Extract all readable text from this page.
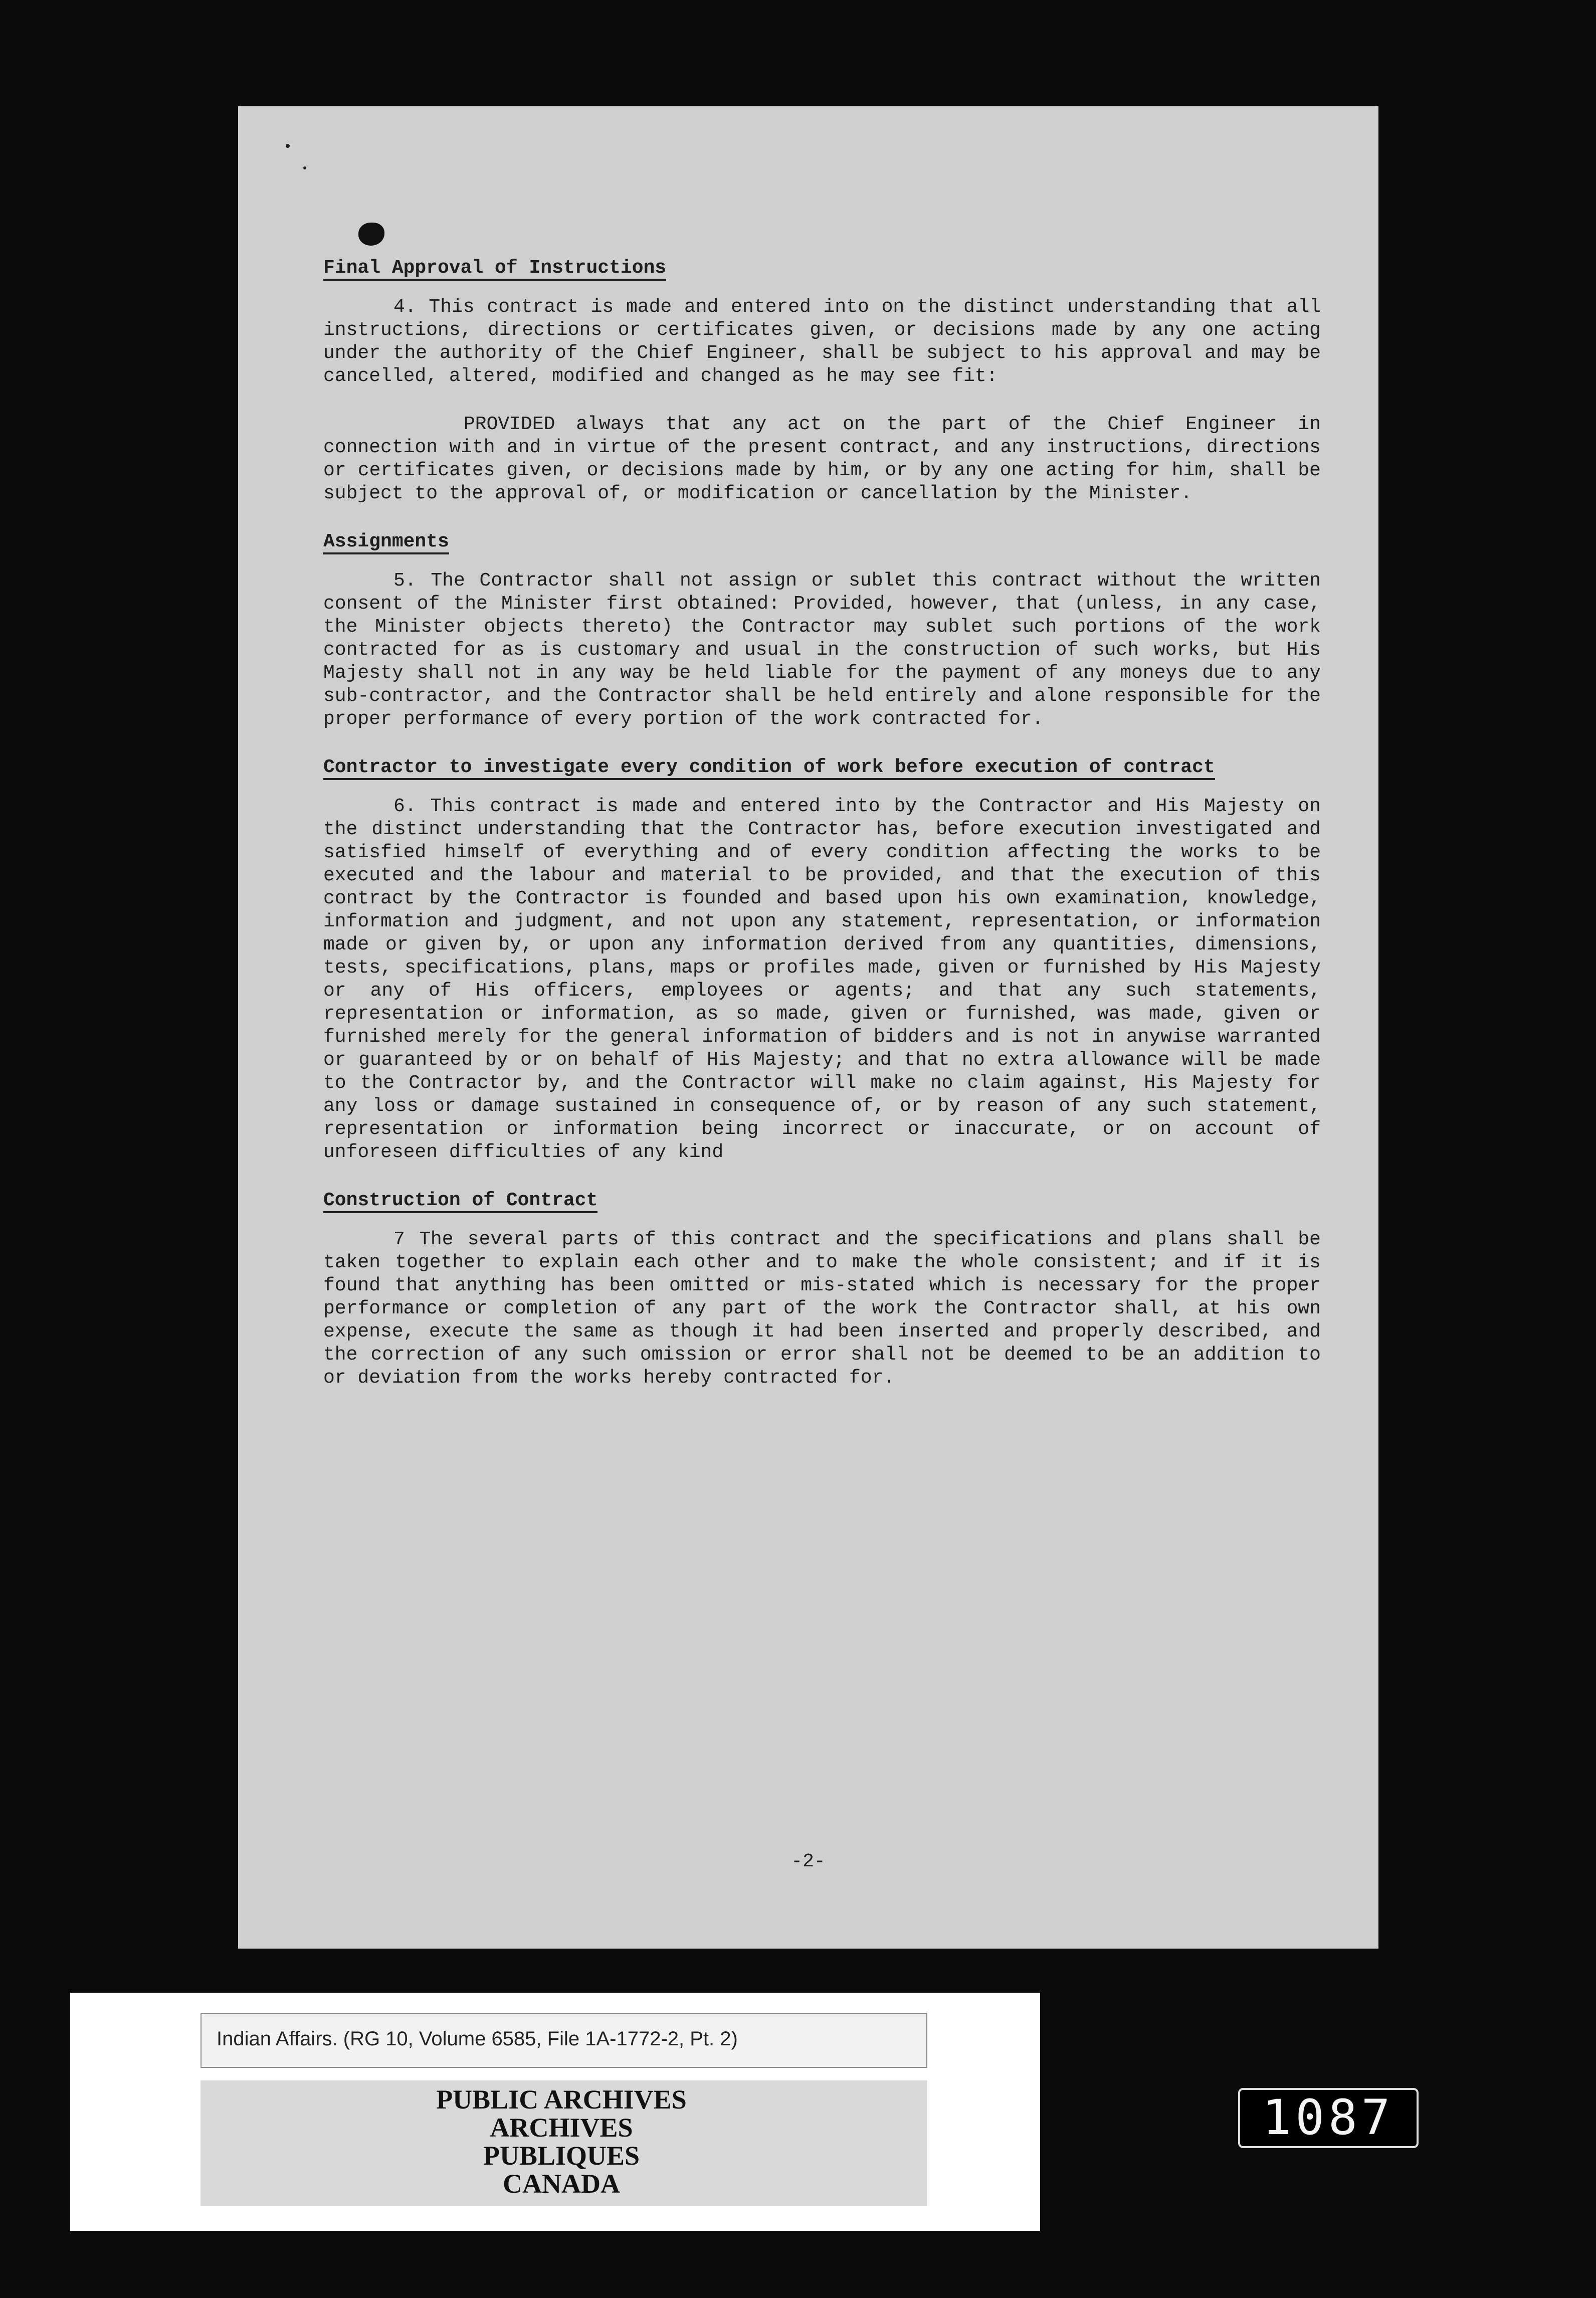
Final Approval of Instructions

4. This contract is made and entered into on the distinct understanding that all instructions, directions or certificates given, or decisions made by any one acting under the authority of the Chief Engineer, shall be subject to his approval and may be cancelled, altered, modified and changed as he may see fit:

PROVIDED always that any act on the part of the Chief Engineer in connection with and in virtue of the present contract, and any instructions, directions or certificates given, or decisions made by him, or by any one acting for him, shall be subject to the approval of, or modification or cancellation by the Minister.

Assignments

5. The Contractor shall not assign or sublet this contract without the written consent of the Minister first obtained: Provided, however, that (unless, in any case, the Minister objects thereto) the Contractor may sublet such portions of the work contracted for as is customary and usual in the construction of such works, but His Majesty shall not in any way be held liable for the payment of any moneys due to any sub-contractor, and the Contractor shall be held entirely and alone responsible for the proper performance of every portion of the work contracted for.

Contractor to investigate every condition of work before execution of contract

6. This contract is made and entered into by the Contractor and His Majesty on the distinct understanding that the Contractor has, before execution investigated and satisfied himself of everything and of every condition affecting the works to be executed and the labour and material to be provided, and that the execution of this contract by the Contractor is founded and based upon his own examination, knowledge, information and judgment, and not upon any statement, representation, or information made or given by, or upon any information derived from any quantities, dimensions, tests, specifications, plans, maps or profiles made, given or furnished by His Majesty or any of His officers, employees or agents; and that any such statements, representation or information, as so made, given or furnished, was made, given or furnished merely for the general information of bidders and is not in anywise warranted or guaranteed by or on behalf of His Majesty; and that no extra allowance will be made to the Contractor by, and the Contractor will make no claim against, His Majesty for any loss or damage sustained in consequence of, or by reason of any such statement, representation or information being incorrect or inaccurate, or on account of unforeseen difficulties of any kind

Construction of Contract

7 The several parts of this contract and the specifications and plans shall be taken together to explain each other and to make the whole consistent; and if it is found that anything has been omitted or mis-stated which is necessary for the proper performance or completion of any part of the work the Contractor shall, at his own expense, execute the same as though it had been inserted and properly described, and the correction of any such omission or error shall not be deemed to be an addition to or deviation from the works hereby contracted for.

-2-
Indian Affairs. (RG 10, Volume 6585, File 1A-1772-2, Pt. 2)
PUBLIC ARCHIVES
ARCHIVES PUBLIQUES
CANADA
1087
